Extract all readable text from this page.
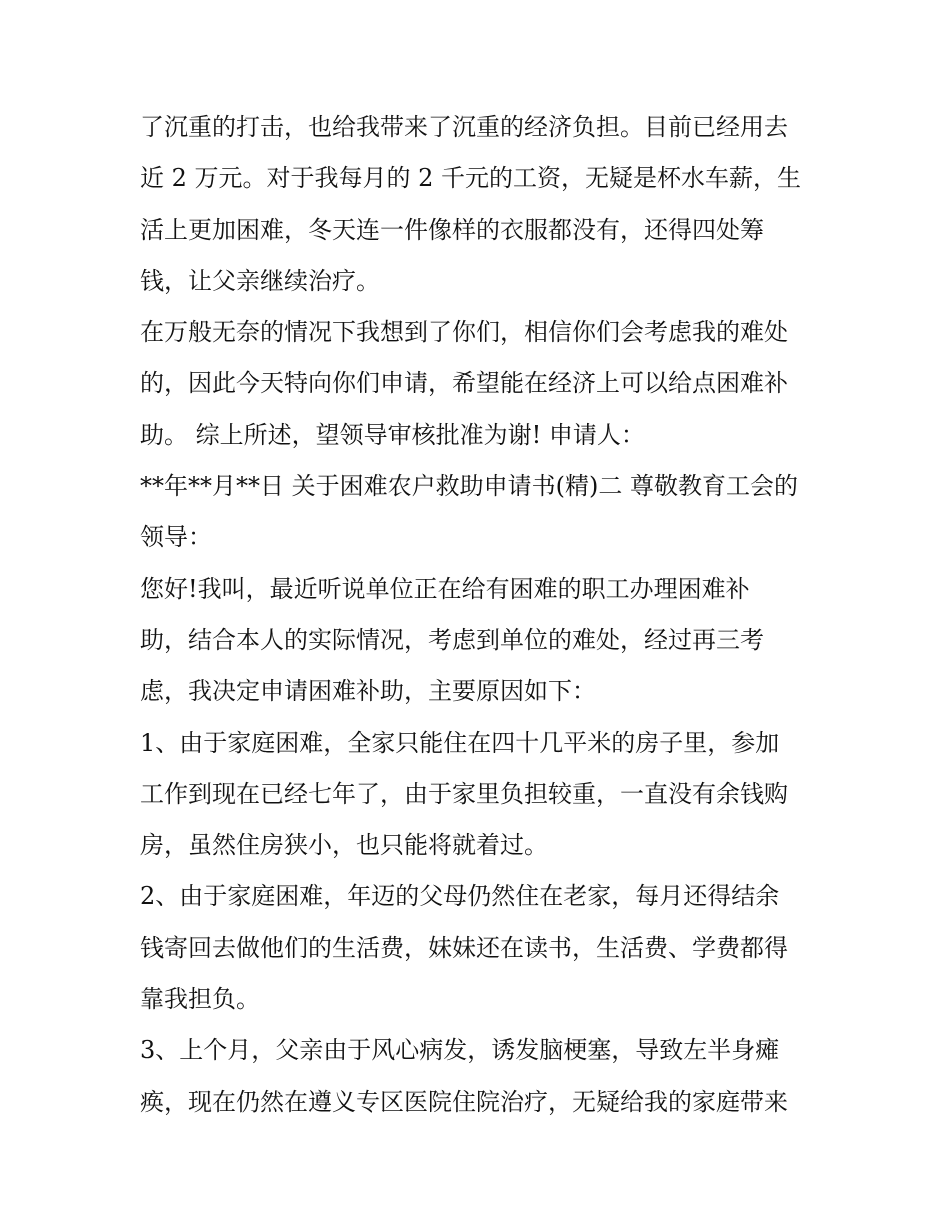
了沉重的打击，也给我带来了沉重的经济负担。目前已经用去
近 2 万元。对于我每月的 2 千元的工资，无疑是杯水车薪，生
活上更加困难，冬天连一件像样的衣服都没有，还得四处筹
钱，让父亲继续治疗。
在万般无奈的情况下我想到了你们，相信你们会考虑我的难处
的，因此今天特向你们申请，希望能在经济上可以给点困难补
助。 综上所述，望领导审核批准为谢! 申请人：
**年**月**日 关于困难农户救助申请书(精)二 尊敬教育工会的
领导：
您好!我叫，最近听说单位正在给有困难的职工办理困难补
助，结合本人的实际情况，考虑到单位的难处，经过再三考
虑，我决定申请困难补助，主要原因如下：
1、由于家庭困难，全家只能住在四十几平米的房子里，参加
工作到现在已经七年了，由于家里负担较重，一直没有余钱购
房，虽然住房狭小，也只能将就着过。
2、由于家庭困难，年迈的父母仍然住在老家，每月还得结余
钱寄回去做他们的生活费，妹妹还在读书，生活费、学费都得
靠我担负。
3、上个月，父亲由于风心病发，诱发脑梗塞，导致左半身瘫
痪，现在仍然在遵义专区医院住院治疗，无疑给我的家庭带来
